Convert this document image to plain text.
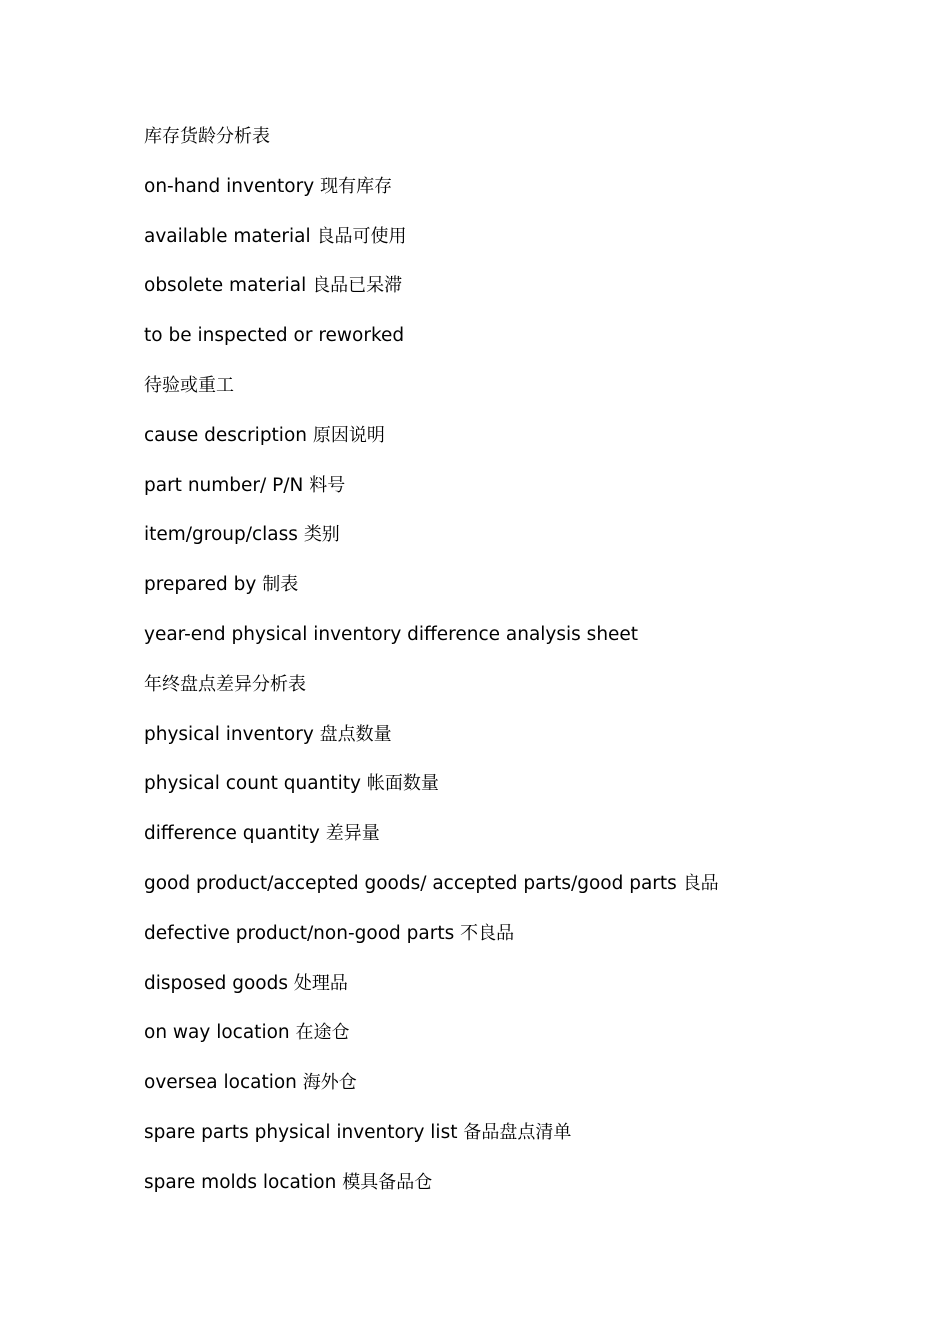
库存货龄分析表
on-hand inventory 现有库存
available material 良品可使用
obsolete material 良品已呆滞
to be inspected or reworked
待验或重工
cause description 原因说明
part number/ P/N 料号
item/group/class 类别
prepared by 制表
year-end physical inventory difference analysis sheet
年终盘点差异分析表
physical inventory 盘点数量
physical count quantity 帐面数量
difference quantity 差异量
good product/accepted goods/ accepted parts/good parts 良品
defective product/non-good parts 不良品
disposed goods 处理品
on way location 在途仓
oversea location 海外仓
spare parts physical inventory list 备品盘点清单
spare molds location 模具备品仓
